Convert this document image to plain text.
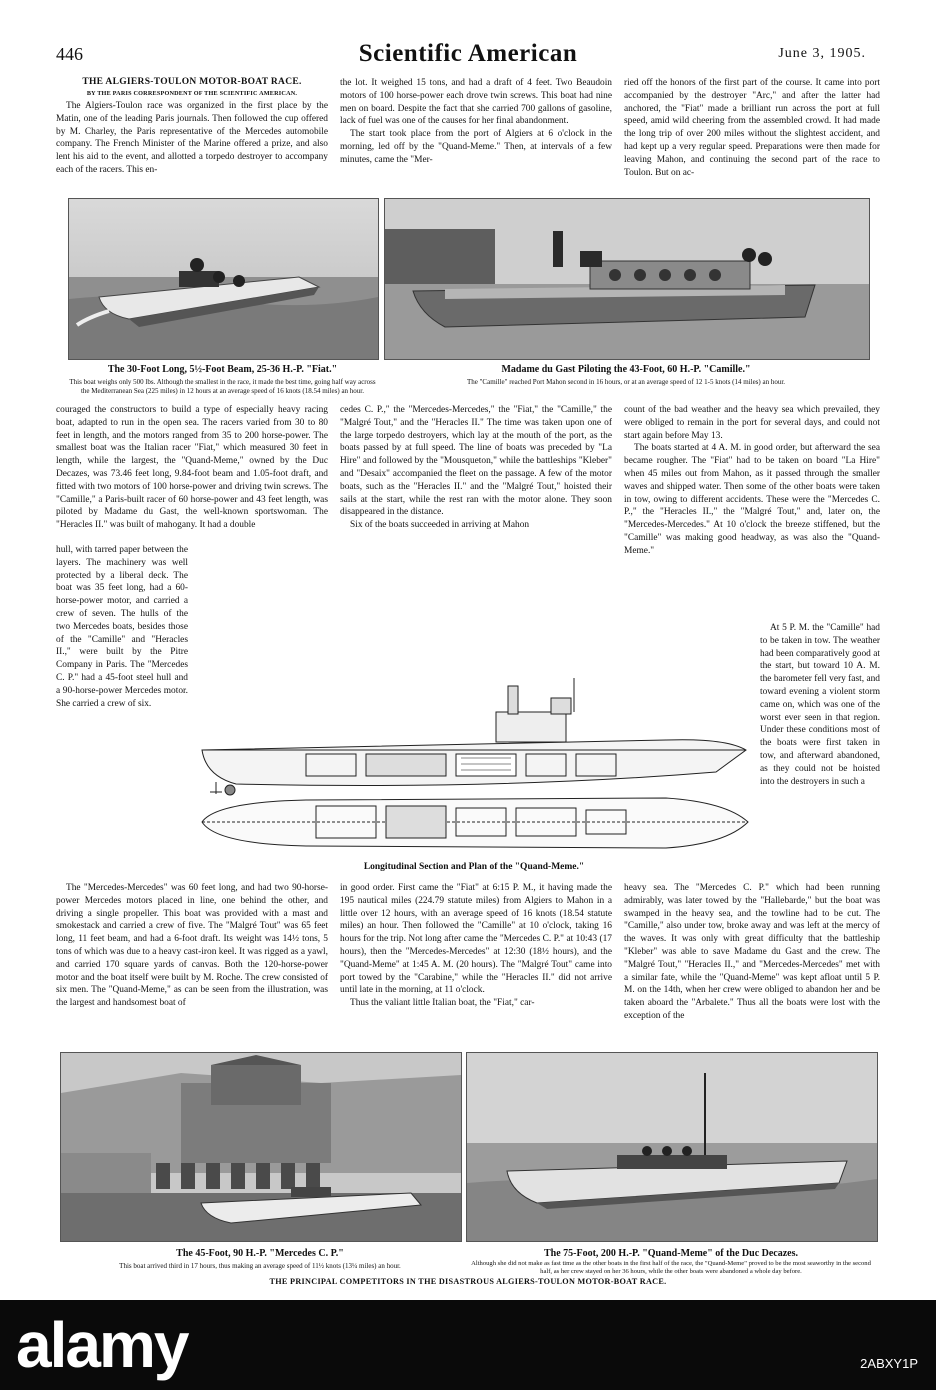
446	Scientific American	June 3, 1905.
THE ALGIERS-TOULON MOTOR-BOAT RACE.
BY THE PARIS CORRESPONDENT OF THE SCIENTIFIC AMERICAN.

The Algiers-Toulon race was organized in the first place by the Matin, one of the leading Paris journals. Then followed the cup offered by M. Charley, the Paris representative of the Mercedes automobile company. The French Minister of the Marine offered a prize, and also lent his aid to the event, and allotted a torpedo destroyer to accompany each of the racers. This en-

the lot. It weighed 15 tons, and had a draft of 4 feet. Two Beaudoin motors of 100 horse-power each drove twin screws. This boat had nine men on board. Despite the fact that she carried 700 gallons of gasoline, lack of fuel was one of the causes for her final abandonment.

The start took place from the port of Algiers at 6 o'clock in the morning, led off by the "Quand-Meme." Then, at intervals of a few minutes, came the "Mer-

ried off the honors of the first part of the course. It came into port accompanied by the destroyer "Arc," and after the latter had anchored, the "Fiat" made a brilliant run across the port at full speed, amid wild cheering from the assembled crowd. It had made the long trip of over 200 miles without the slightest accident, and had kept up a very regular speed. Preparations were then made for leaving Mahon, and continuing the second part of the race to Toulon. But on ac-

The 30-Foot Long, 5½-Foot Beam, 25-36 H.-P. "Fiat."
This boat weighs only 500 lbs. Although the smallest in the race, it made the best time, going half way across the Mediterranean Sea (225 miles) in 12 hours at an average speed of 16 knots (18.54 miles) an hour.
Madame du Gast Piloting the 43-Foot, 60 H.-P. "Camille."
The "Camille" reached Port Mahon second in 16 hours, or at an average speed of 12 1-5 knots (14 miles) an hour.

couraged the constructors to build a type of especially heavy racing boat, adapted to run in the open sea. The racers varied from 30 to 80 feet in length, and the motors ranged from 35 to 200 horse-power. The smallest boat was the Italian racer "Fiat," which measured 30 feet in length, while the largest, the "Quand-Meme," owned by the Duc Decazes, was 73.46 feet long, 9.84-foot beam and 1.05-foot draft, and fitted with two motors of 100 horse-power and driving twin screws. The "Camille," a Paris-built racer of 60 horse-power and 43 feet length, was piloted by Madame du Gast, the well-known sportswoman. The "Heracles II." was built of mahogany. It had a double

hull, with tarred paper between the layers. The machinery was well protected by a liberal deck. The boat was 35 feet long, had a 60-horse-power motor, and carried a crew of seven. The hulls of the two Mercedes boats, besides those of the "Camille" and "Heracles II.," were built by the Pitre Company in Paris. The "Mercedes C. P." had a 45-foot steel hull and a 90-horse-power Mercedes motor. She carried a crew of six.

The "Mercedes-Mercedes" was 60 feet long, and had two 90-horse-power Mercedes motors placed in line, one behind the other, and driving a single propeller. This boat was provided with a mast and smokestack and carried a crew of five. The "Malgré Tout" was 65 feet long, 11 feet beam, and had a 6-foot draft. Its weight was 14½ tons, 5 tons of which was due to a heavy cast-iron keel. It was rigged as a yawl, and carried 170 square yards of canvas. Both the 120-horse-power motor and the boat itself were built by M. Roche. The crew consisted of six men. The "Quand-Meme," as can be seen from the illustration, was the largest and handsomest boat of

cedes C. P.," the "Mercedes-Mercedes," the "Fiat," the "Camille," the "Malgré Tout," and the "Heracles II." The time was taken upon one of the large torpedo destroyers, which lay at the mouth of the port, as the boats passed by at full speed. The line of boats was preceded by "La Hire" and followed by the "Mousqueton," while the battleships "Kleber" and "Desaix" accompanied the fleet on the passage. A few of the motor boats, such as the "Heracles II." and the "Malgré Tout," hoisted their sails at the start, while the rest ran with the motor alone. They soon disappeared in the distance.

Six of the boats succeeded in arriving at Mahon

in good order. First came the "Fiat" at 6:15 P. M., it having made the 195 nautical miles (224.79 statute miles) from Algiers to Mahon in a little over 12 hours, with an average speed of 16 knots (18.54 statute miles) an hour. Then followed the "Camille" at 10 o'clock, taking 16 hours for the trip. Not long after came the "Mercedes C. P." at 10:43 (17 hours), then the "Mercedes-Mercedes" at 12:30 (18½ hours), and the "Quand-Meme" at 1:45 A. M. (20 hours). The "Malgré Tout" came into port towed by the "Carabine," while the "Heracles II." did not arrive until late in the morning, at 11 o'clock.

Thus the valiant little Italian boat, the "Fiat," car-

count of the bad weather and the heavy sea which prevailed, they were obliged to remain in the port for several days, and could not start again before May 13.

The boats started at 4 A. M. in good order, but afterward the sea became rougher. The "Fiat" had to be taken on board "La Hire" when 45 miles out from Mahon, as it passed through the smaller waves and shipped water. Then some of the other boats were taken in tow, owing to different accidents. These were the "Mercedes C. P.," the "Heracles II.," the "Malgré Tout," and, later on, the "Mercedes-Mercedes." At 10 o'clock the breeze stiffened, but the "Camille" was making good headway, as was also the "Quand-Meme."

At 5 P. M. the "Camille" had to be taken in tow. The weather had been comparatively good at the start, but toward 10 A. M. the barometer fell very fast, and toward evening a violent storm came on, which was one of the worst ever seen in that region. Under these conditions most of the boats were first taken in tow, and afterward abandoned, as they could not be hoisted into the destroyers in such a

heavy sea. The "Mercedes C. P." which had been running admirably, was later towed by the "Hallebarde," but the boat was swamped in the heavy sea, and the towline had to be cut. The "Camille," also under tow, broke away and was left at the mercy of the waves. It was only with great difficulty that the battleship "Kleber" was able to save Madame du Gast and the crew. The "Malgré Tout," "Heracles II.," and "Mercedes-Mercedes" met with a similar fate, while the "Quand-Meme" was kept afloat until 5 P. M. on the 14th, when her crew were obliged to abandon her and be taken aboard the "Arbalete." Thus all the boats were lost with the exception of the

Longitudinal Section and Plan of the "Quand-Meme."
The 45-Foot, 90 H.-P. "Mercedes C. P."
This boat arrived third in 17 hours, thus making an average speed of 11½ knots (13¼ miles) an hour.
The 75-Foot, 200 H.-P. "Quand-Meme" of the Duc Decazes.
Although she did not make as fast time as the other boats in the first half of the race, the "Quand-Meme" proved to be the most seaworthy in the second half, as her crew stayed on her 36 hours, while the other boats were abandoned a whole day before.
THE PRINCIPAL COMPETITORS IN THE DISASTROUS ALGIERS-TOULON MOTOR-BOAT RACE.
alamy	2ABXY1P
